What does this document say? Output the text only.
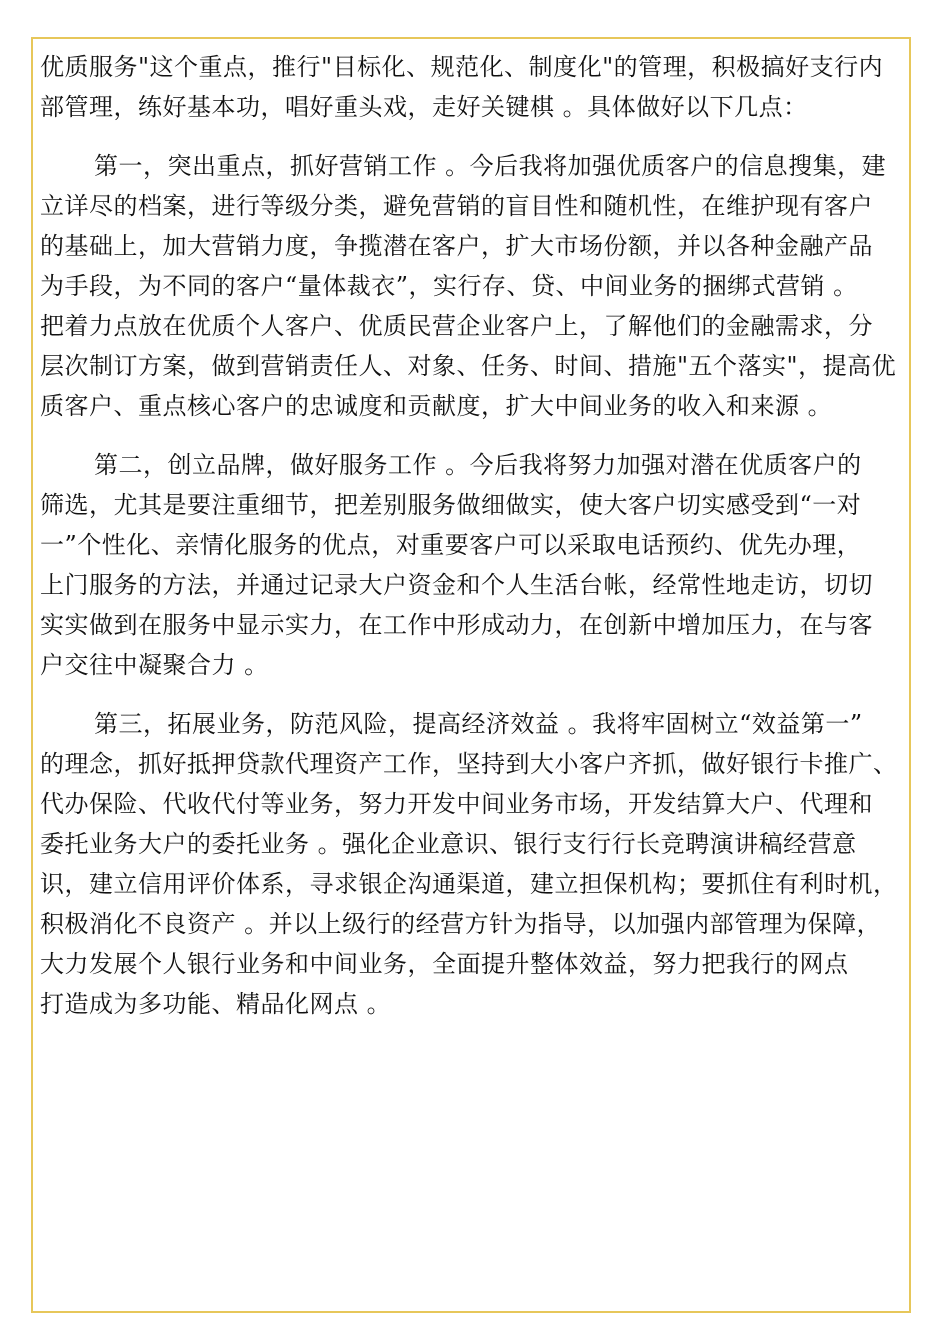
优质服务"这个重点，推行"目标化、规范化、制度化"的管理，积极搞好支行内
部管理，练好基本功，唱好重头戏，走好关键棋 。具体做好以下几点：
第一，突出重点，抓好营销工作 。今后我将加强优质客户的信息搜集，建
立详尽的档案，进行等级分类，避免营销的盲目性和随机性，在维护现有客户
的基础上，加大营销力度，争揽潜在客户，扩大市场份额，并以各种金融产品
为手段，为不同的客户“量体裁衣”，实行存、贷、中间业务的捆绑式营销 。
把着力点放在优质个人客户、优质民营企业客户上，了解他们的金融需求，分
层次制订方案，做到营销责任人、对象、任务、时间、措施"五个落实"，提高优
质客户、重点核心客户的忠诚度和贡献度，扩大中间业务的收入和来源 。
第二，创立品牌，做好服务工作 。今后我将努力加强对潜在优质客户的
筛选，尤其是要注重细节，把差别服务做细做实，使大客户切实感受到“一对
一”个性化、亲情化服务的优点，对重要客户可以采取电话预约、优先办理，
上门服务的方法，并通过记录大户资金和个人生活台帐，经常性地走访，切切
实实做到在服务中显示实力，在工作中形成动力，在创新中增加压力，在与客
户交往中凝聚合力 。
第三，拓展业务，防范风险，提高经济效益 。我将牢固树立“效益第一”
的理念，抓好抵押贷款代理资产工作，坚持到大小客户齐抓，做好银行卡推广、
代办保险、代收代付等业务，努力开发中间业务市场，开发结算大户、代理和
委托业务大户的委托业务 。强化企业意识、银行支行行长竞聘演讲稿经营意
识，建立信用评价体系，寻求银企沟通渠道，建立担保机构；要抓住有利时机，
积极消化不良资产 。并以上级行的经营方针为指导，以加强内部管理为保障，
大力发展个人银行业务和中间业务，全面提升整体效益，努力把我行的网点
打造成为多功能、精品化网点 。
